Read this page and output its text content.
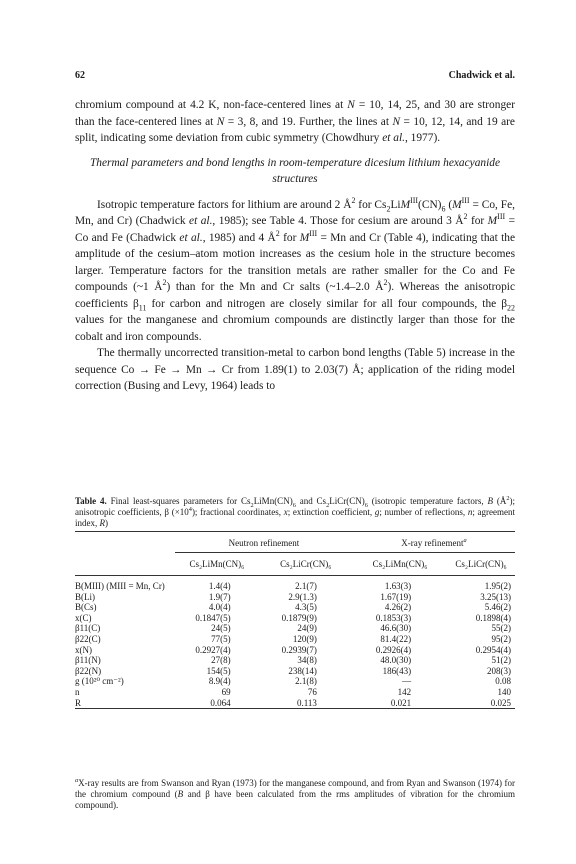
62	Chadwick et al.

chromium compound at 4.2 K, non-face-centered lines at N = 10, 14, 25, and 30 are stronger than the face-centered lines at N = 3, 8, and 19. Further, the lines at N = 10, 12, 14, and 19 are split, indicating some deviation from cubic symmetry (Chowdhury et al., 1977).

Thermal parameters and bond lengths in room-temperature dicesium lithium hexacyanide structures

Isotropic temperature factors for lithium are around 2 $Å^2$ for $Cs_2LiM^{III}(CN)_6$ ($M^{III} = Co$, Fe, Mn, and Cr) (Chadwick et al., 1985); see Table 4. Those for cesium are around 3 $Å^2$ for $M^{III} = Co$ and Fe (Chadwick et al., 1985) and 4 $Å^2$ for $M^{III} = Mn$ and Cr (Table 4), indicating that the amplitude of the cesium–atom motion increases as the cesium hole in the structure becomes larger. Temperature factors for the transition metals are rather smaller for the Co and Fe compounds (~1 $Å^2$) than for the Mn and Cr salts (~1.4–2.0 $Å^2$). Whereas the anisotropic coefficients $\beta_{11}$ for carbon and nitrogen are closely similar for all four compounds, the $\beta_{22}$ values for the manganese and chromium compounds are distinctly larger than those for the cobalt and iron compounds.

The thermally uncorrected transition-metal to carbon bond lengths (Table 5) increase in the sequence Co → Fe → Mn → Cr from 1.89(1) to 2.03(7) Å; application of the riding model correction (Busing and Levy, 1964) leads to

Table 4. Final least-squares parameters for $Cs_2LiMn(CN)_6$ and $Cs_2LiCr(CN)_6$ (isotropic temperature factors, B $(Å^2)$; anisotropic coefficients, β $(\times 10^4)$; fractional coordinates, x; extinction coefficient, g; number of reflections, n; agreement index, R)

	Neutron refinement		X-ray refinement$^a$

	Cs₂LiMn(CN)₆	Cs₂LiCr(CN)₆	Cs₂LiMn(CN)₆	Cs₂LiCr(CN)₆

B(MIII) (MIII = Mn, Cr)	1.4(4)	2.1(7)	1.63(3)	1.95(2)
B(Li)	1.9(7)	2.9(1.3)	1.67(19)	3.25(13)
B(Cs)	4.0(4)	4.3(5)	4.26(2)	5.46(2)
x(C)	0.1847(5)	0.1879(9)	0.1853(3)	0.1898(4)
β11(C)	24(5)	24(9)	46.6(30)	55(2)
β22(C)	77(5)	120(9)	81.4(22)	95(2)
x(N)	0.2927(4)	0.2939(7)	0.2926(4)	0.2954(4)
β11(N)	27(8)	34(8)	48.0(30)	51(2)
β22(N)	154(5)	238(14)	186(43)	208(3)
g (10²⁰ cm⁻²)	8.9(4)	2.1(8)	—	0.08
n	69	76	142	140
R	0.064	0.113	0.021	0.025

$^a$X-ray results are from Swanson and Ryan (1973) for the manganese compound, and from Ryan and Swanson (1974) for the chromium compound (B and β have been calculated from the rms amplitudes of vibration for the chromium compound).
